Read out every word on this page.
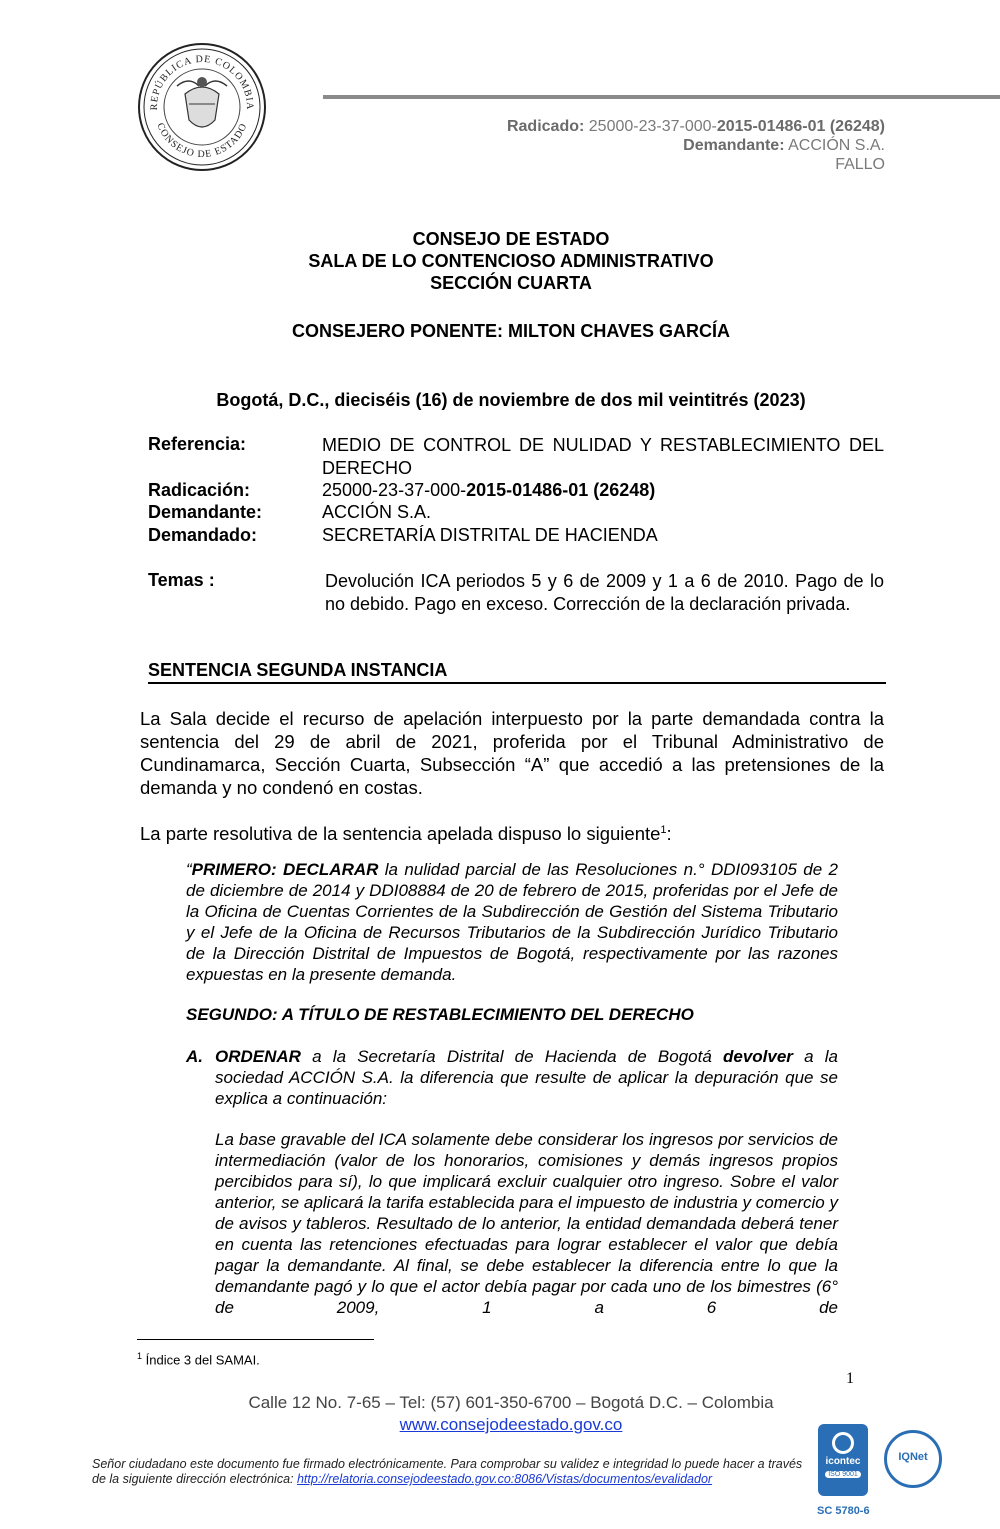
REPÚBLICA DE COLOMBIA
CONSEJO DE ESTADO	Radicado: 25000-23-37-000-2015-01486-01 (26248)
Demandante: ACCIÓN S.A.
FALLO
CONSEJO DE ESTADO
SALA DE LO CONTENCIOSO ADMINISTRATIVO
SECCIÓN CUARTA
CONSEJERO PONENTE: MILTON CHAVES GARCÍA
Bogotá, D.C., dieciséis (16) de noviembre de dos mil veintitrés (2023)
Referencia:	MEDIO DE CONTROL DE NULIDAD Y RESTABLECIMIENTO DEL DERECHO
Radicación:	25000-23-37-000-2015-01486-01 (26248)
Demandante:	ACCIÓN S.A.
Demandado:	SECRETARÍA DISTRITAL DE HACIENDA
Temas :	Devolución ICA periodos 5 y 6 de 2009 y 1 a 6 de 2010. Pago de lo no debido. Pago en exceso. Corrección de la declaración privada.
SENTENCIA SEGUNDA INSTANCIA
La Sala decide el recurso de apelación interpuesto por la parte demandada contra la sentencia del 29 de abril de 2021, proferida por el Tribunal Administrativo de Cundinamarca, Sección Cuarta, Subsección “A” que accedió a las pretensiones de la demanda y no condenó en costas.
La parte resolutiva de la sentencia apelada dispuso lo siguiente$^1$:
“PRIMERO: DECLARAR la nulidad parcial de las Resoluciones n.° DDI093105 de 2 de diciembre de 2014 y DDI08884 de 20 de febrero de 2015, proferidas por el Jefe de la Oficina de Cuentas Corrientes de la Subdirección de Gestión del Sistema Tributario y el Jefe de la Oficina de Recursos Tributarios de la Subdirección Jurídico Tributario de la Dirección Distrital de Impuestos de Bogotá, respectivamente por las razones expuestas en la presente demanda.
SEGUNDO: A TÍTULO DE RESTABLECIMIENTO DEL DERECHO
A. ORDENAR a la Secretaría Distrital de Hacienda de Bogotá devolver a la sociedad ACCIÓN S.A. la diferencia que resulte de aplicar la depuración que se explica a continuación:
La base gravable del ICA solamente debe considerar los ingresos por servicios de intermediación (valor de los honorarios, comisiones y demás ingresos propios percibidos para sí), lo que implicará excluir cualquier otro ingreso. Sobre el valor anterior, se aplicará la tarifa establecida para el impuesto de industria y comercio y de avisos y tableros. Resultado de lo anterior, la entidad demandada deberá tener en cuenta las retenciones efectuadas para lograr establecer el valor que debía pagar la demandante. Al final, se debe establecer la diferencia entre lo que la demandante pagó y lo que el actor debía pagar por cada uno de los bimestres (6° de 2009, 1 a 6 de
$^1$ Índice 3 del SAMAI.
1
Calle 12 No. 7-65 – Tel: (57) 601-350-6700 – Bogotá D.C. – Colombia
www.consejodeestado.gov.co
Señor ciudadano este documento fue firmado electrónicamente. Para comprobar su validez e integridad lo puede hacer a través de la siguiente dirección electrónica: http://relatoria.consejodeestado.gov.co:8086/Vistas/documentos/evalidador
icontec
ISO 9001
IQNet
SC 5780-6
